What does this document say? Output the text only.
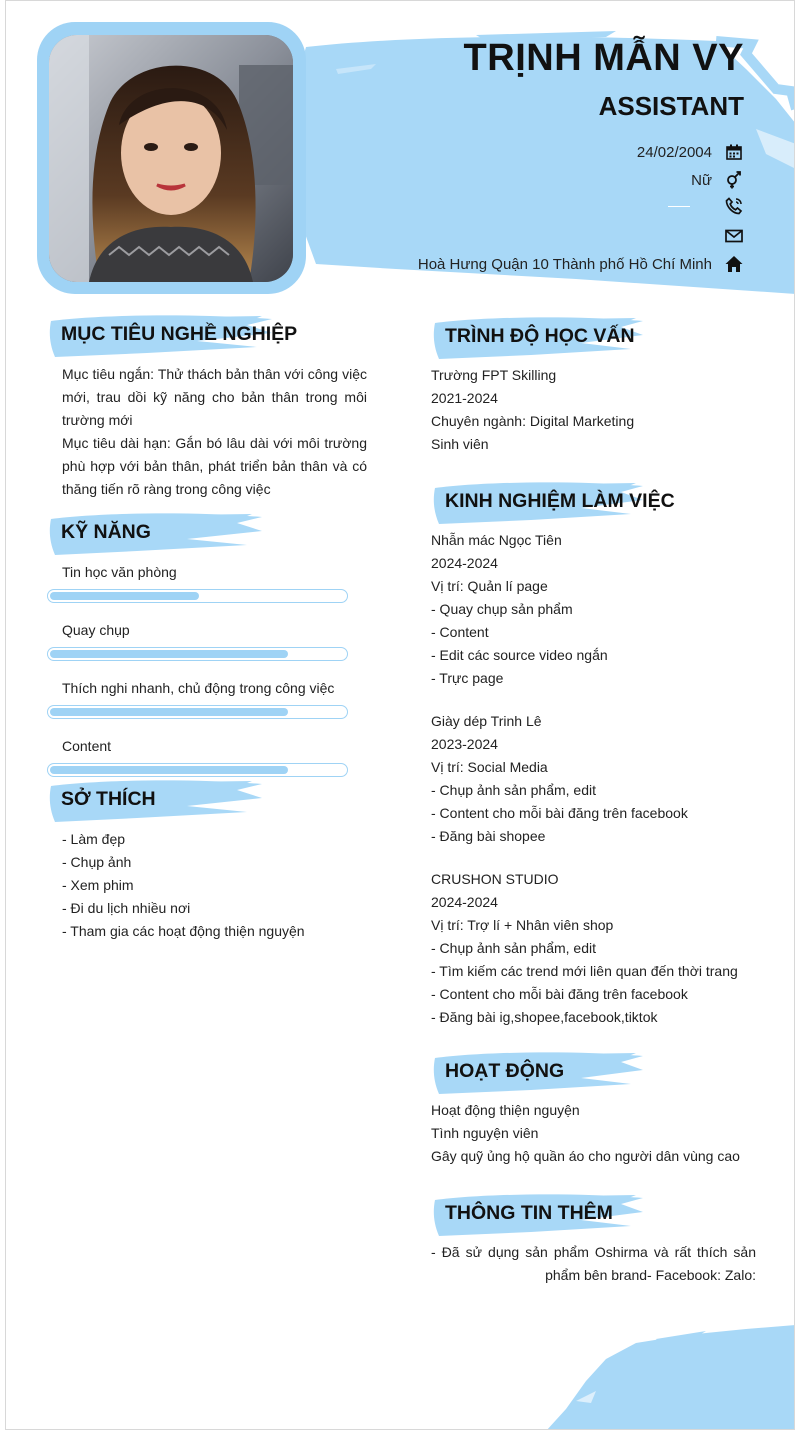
TRỊNH MẪN VY
ASSISTANT
24/02/2004
Nữ
Hoà Hưng Quận 10 Thành phố Hồ Chí Minh
MỤC TIÊU NGHỀ NGHIỆP
Mục tiêu ngắn: Thử thách bản thân với công việc mới, trau dồi kỹ năng cho bản thân trong môi trường mới
Mục tiêu dài hạn: Gắn bó lâu dài với môi trường phù hợp với bản thân, phát triển bản thân và có thăng tiến rõ ràng trong công việc
KỸ NĂNG
Tin học văn phòng
Quay chụp
Thích nghi nhanh, chủ động trong công việc
Content
SỞ THÍCH
- Làm đẹp
- Chụp ảnh
- Xem phim
- Đi du lịch nhiều nơi
- Tham gia các hoạt động thiện nguyện
TRÌNH ĐỘ HỌC VẤN
Trường FPT Skilling
2021-2024
Chuyên ngành: Digital Marketing
Sinh viên
KINH NGHIỆM LÀM VIỆC
Nhẫn mác Ngọc Tiên
2024-2024
Vị trí: Quản lí page
- Quay chụp sản phẩm
- Content
- Edit các source video ngắn
- Trực page
Giày dép Trinh Lê
2023-2024
Vị trí: Social Media
- Chụp ảnh sản phẩm, edit
- Content cho mỗi bài đăng trên facebook
- Đăng bài shopee
CRUSHON STUDIO
2024-2024
Vị trí: Trợ lí + Nhân viên shop
- Chụp ảnh sản phẩm, edit
- Tìm kiếm các trend mới liên quan đến thời trang
- Content cho mỗi bài đăng trên facebook
- Đăng bài ig,shopee,facebook,tiktok
HOẠT ĐỘNG
Hoạt động thiện nguyện
Tình nguyện viên
Gây quỹ ủng hộ quần áo cho người dân vùng cao
THÔNG TIN THÊM
- Đã sử dụng sản phẩm Oshirma và rất thích sản phẩm bên brand- Facebook: Zalo:
